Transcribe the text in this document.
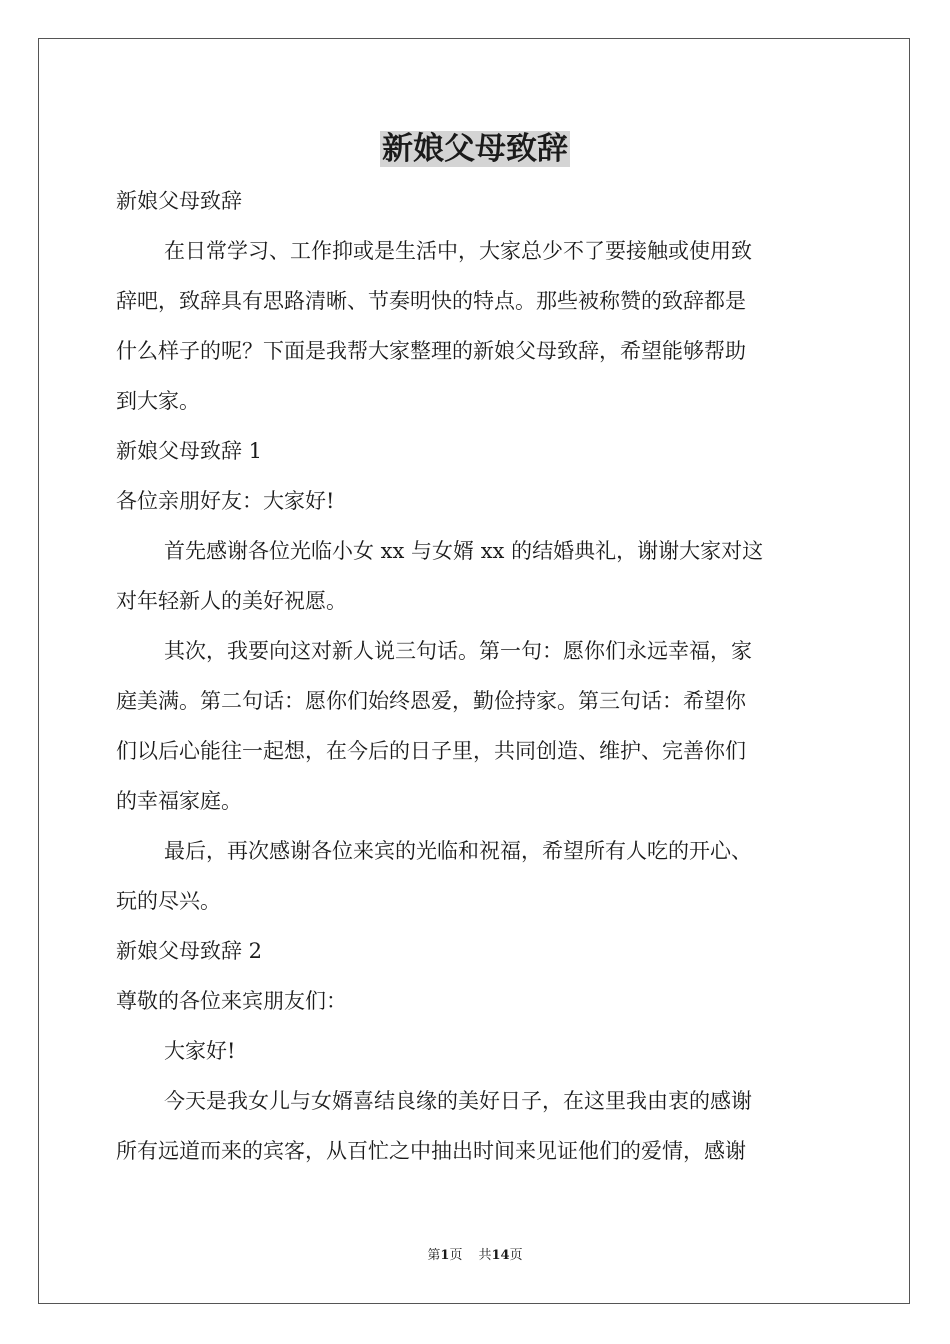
新娘父母致辞

新娘父母致辞

在日常学习、工作抑或是生活中，大家总少不了要接触或使用致

辞吧，致辞具有思路清晰、节奏明快的特点。那些被称赞的致辞都是

什么样子的呢？下面是我帮大家整理的新娘父母致辞，希望能够帮助

到大家。

新娘父母致辞 1

各位亲朋好友：大家好!

首先感谢各位光临小女 xx 与女婿 xx 的结婚典礼，谢谢大家对这

对年轻新人的美好祝愿。

其次，我要向这对新人说三句话。第一句：愿你们永远幸福，家

庭美满。第二句话：愿你们始终恩爱，勤俭持家。第三句话：希望你

们以后心能往一起想，在今后的日子里，共同创造、维护、完善你们

的幸福家庭。

最后，再次感谢各位来宾的光临和祝福，希望所有人吃的开心、

玩的尽兴。

新娘父母致辞 2

尊敬的各位来宾朋友们：

大家好!

今天是我女儿与女婿喜结良缘的美好日子，在这里我由衷的感谢

所有远道而来的宾客，从百忙之中抽出时间来见证他们的爱情，感谢

第1页 共14页
